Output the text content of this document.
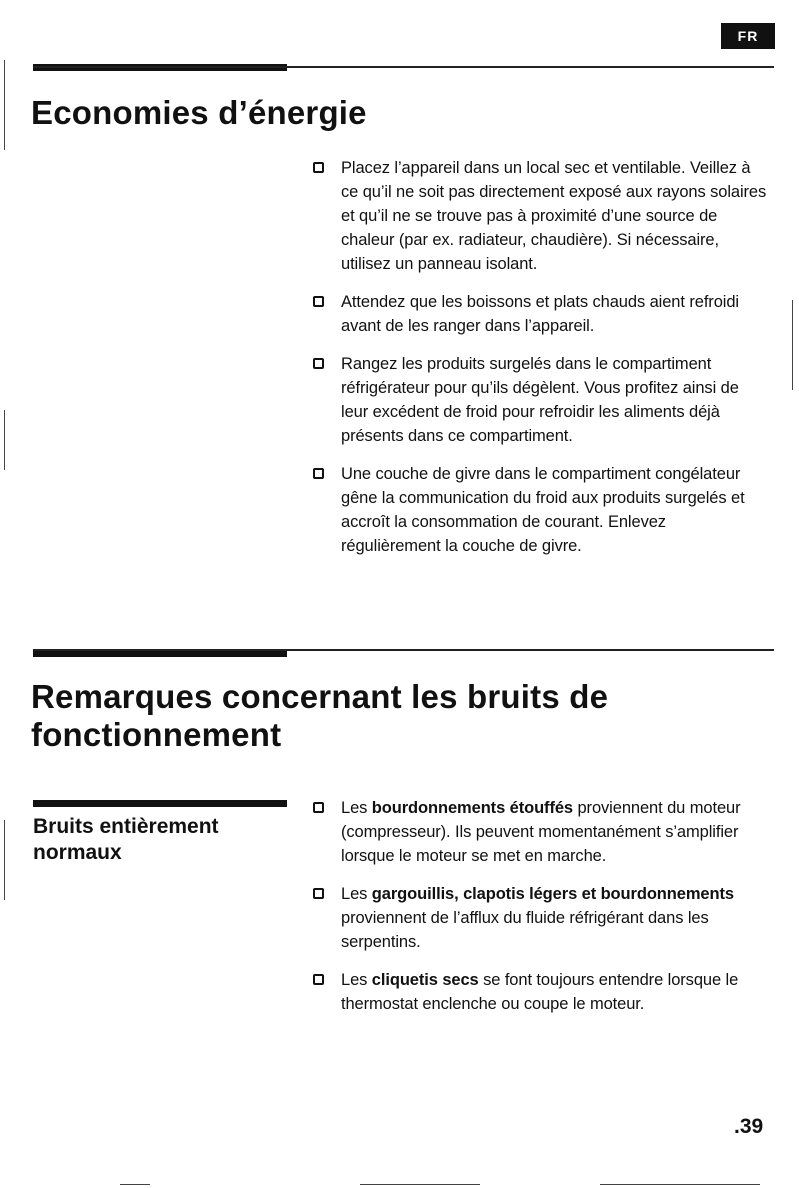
FR
Economies d’énergie
Placez l’appareil dans un local sec et ventilable. Veillez à ce qu’il ne soit pas directement exposé aux rayons solaires et qu’il ne se trouve pas à proximité d’une source de chaleur (par ex. radiateur, chaudière). Si nécessaire, utilisez un panneau isolant.
Attendez que les boissons et plats chauds aient refroidi avant de les ranger dans l’appareil.
Rangez les produits surgelés dans le compartiment réfrigérateur pour qu’ils dégèlent. Vous profitez ainsi de leur excédent de froid pour refroidir les aliments déjà présents dans ce compartiment.
Une couche de givre dans le compartiment congélateur gêne la communication du froid aux produits surgelés et accroît la consommation de courant. Enlevez régulièrement la couche de givre.
Remarques concernant les bruits de
fonctionnement
Bruits entièrement normaux
Les bourdonnements étouffés proviennent du moteur (compresseur). Ils peuvent momentanément s’amplifier lorsque le moteur se met en marche.
Les gargouillis, clapotis légers et bourdonnements proviennent de l’afflux du fluide réfrigérant dans les serpentins.
Les cliquetis secs se font toujours entendre lorsque le thermostat enclenche ou coupe le moteur.
.39
